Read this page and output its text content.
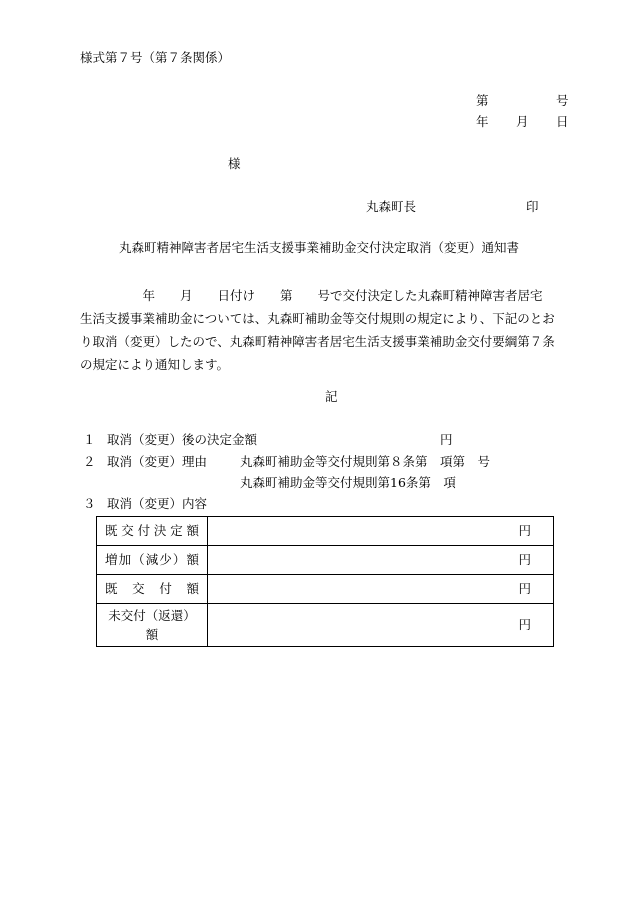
様式第７号（第７条関係）
第	号
年 月 日
様
丸森町長	印
丸森町精神障害者居宅生活支援事業補助金交付決定取消（変更）通知書
　　　　　年　　月　　日付け　　第　　号で交付決定した丸森町精神障害者居宅
生活支援事業補助金については、丸森町補助金等交付規則の規定により、下記のとお
り取消（変更）したので、丸森町精神障害者居宅生活支援事業補助金交付要綱第７条
の規定により通知します。
記
１ 取消（変更）後の決定金額	円
２ 取消（変更）理由	丸森町補助金等交付規則第８条第　項第　号
丸森町補助金等交付規則第16条第　項
３ 取消（変更）内容
既交付決定額	円
増加（減少）額	円
既交付額	円

未交付（返還）
額	円
